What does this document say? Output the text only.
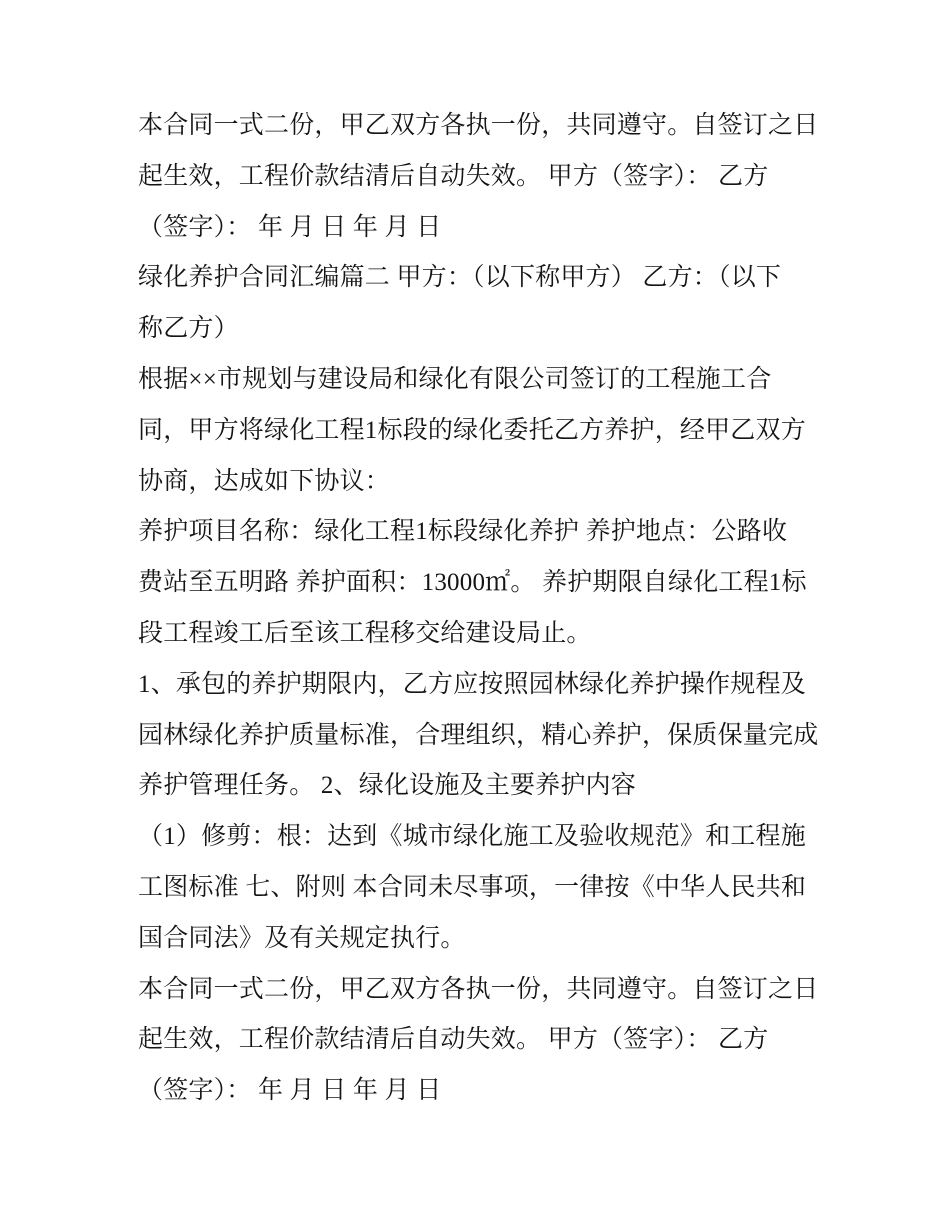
本合同一式二份，甲乙双方各执一份，共同遵守。自签订之日
起生效，工程价款结清后自动失效。 甲方（签字）： 乙方
（签字）： 年 月 日 年 月 日
绿化养护合同汇编篇二 甲方：（以下称甲方） 乙方：（以下
称乙方）
根据××市规划与建设局和绿化有限公司签订的工程施工合
同，甲方将绿化工程1标段的绿化委托乙方养护，经甲乙双方
协商，达成如下协议：
养护项目名称：绿化工程1标段绿化养护 养护地点：公路收
费站至五明路 养护面积：13000㎡。 养护期限自绿化工程1标
段工程竣工后至该工程移交给建设局止。
1、承包的养护期限内，乙方应按照园林绿化养护操作规程及
园林绿化养护质量标准，合理组织，精心养护，保质保量完成
养护管理任务。 2、绿化设施及主要养护内容
（1）修剪：根：达到《城市绿化施工及验收规范》和工程施
工图标准 七、附则 本合同未尽事项，一律按《中华人民共和
国合同法》及有关规定执行。
本合同一式二份，甲乙双方各执一份，共同遵守。自签订之日
起生效，工程价款结清后自动失效。 甲方（签字）： 乙方
（签字）： 年 月 日 年 月 日
